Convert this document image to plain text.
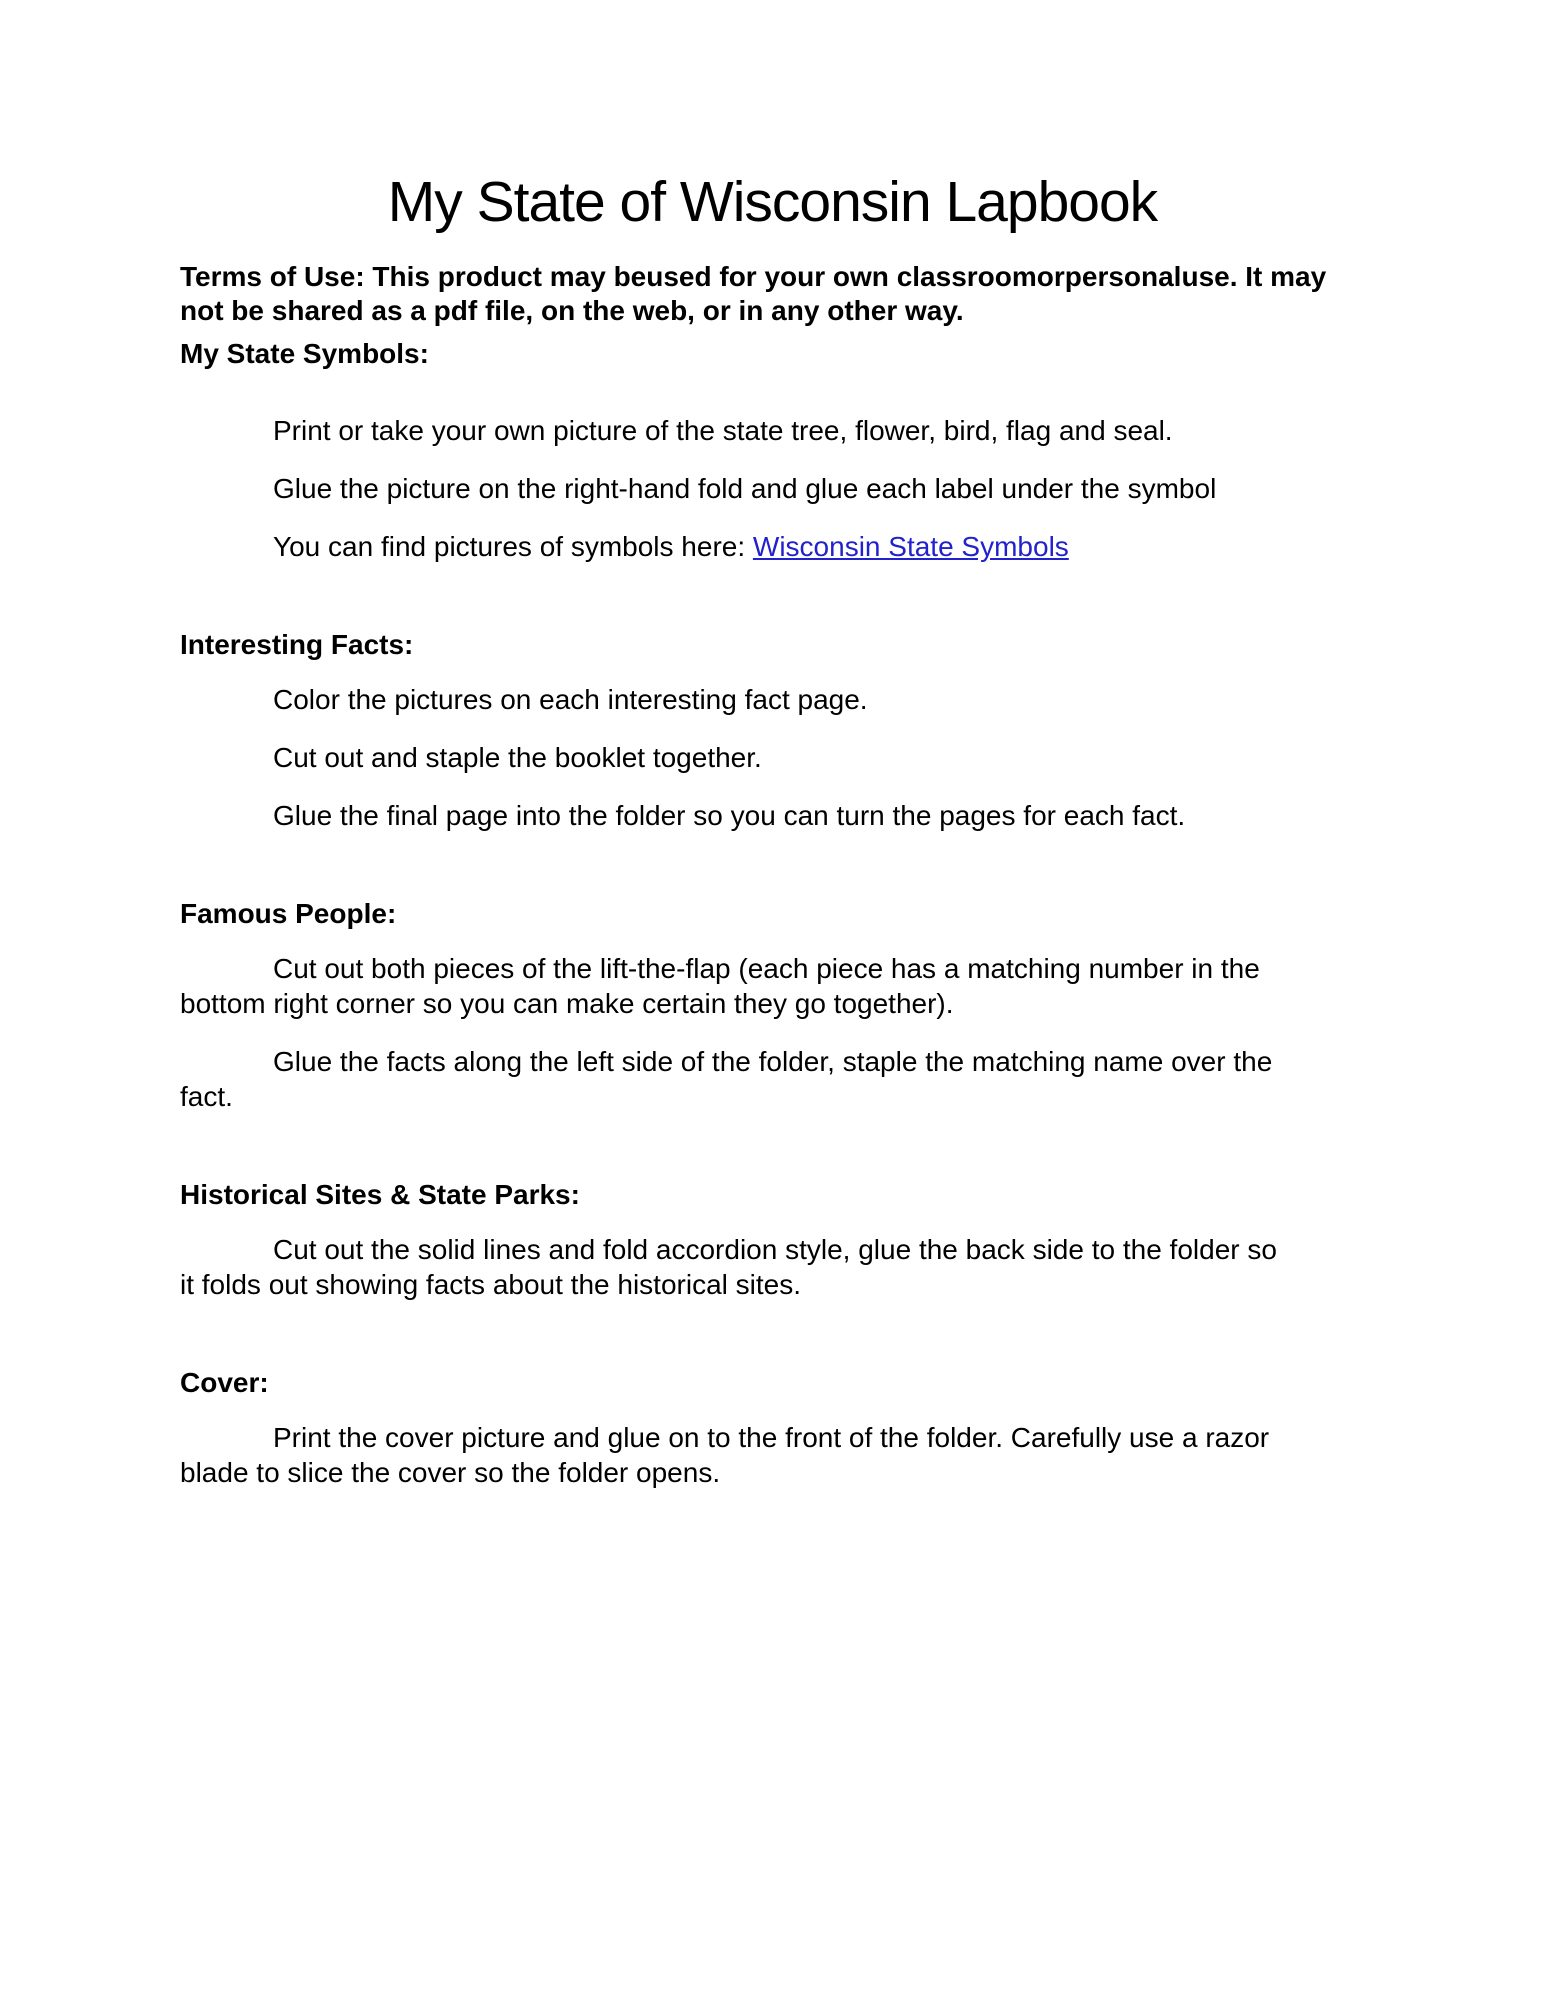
My State of Wisconsin Lapbook

Terms of Use: This product may beused for your own classroomorpersonaluse. It may
not be shared as a pdf file, on the web, or in any other way.

My State Symbols:

Print or take your own picture of the state tree, flower, bird, flag and seal.

Glue the picture on the right-hand fold and glue each label under the symbol

You can find pictures of symbols here: Wisconsin State Symbols

Interesting Facts:

Color the pictures on each interesting fact page.

Cut out and staple the booklet together.

Glue the final page into the folder so you can turn the pages for each fact.

Famous People:

Cut out both pieces of the lift-the-flap (each piece has a matching number in the
bottom right corner so you can make certain they go together).

Glue the facts along the left side of the folder, staple the matching name over the
fact.

Historical Sites & State Parks:

Cut out the solid lines and fold accordion style, glue the back side to the folder so
it folds out showing facts about the historical sites.

Cover:

Print the cover picture and glue on to the front of the folder. Carefully use a razor
blade to slice the cover so the folder opens.
